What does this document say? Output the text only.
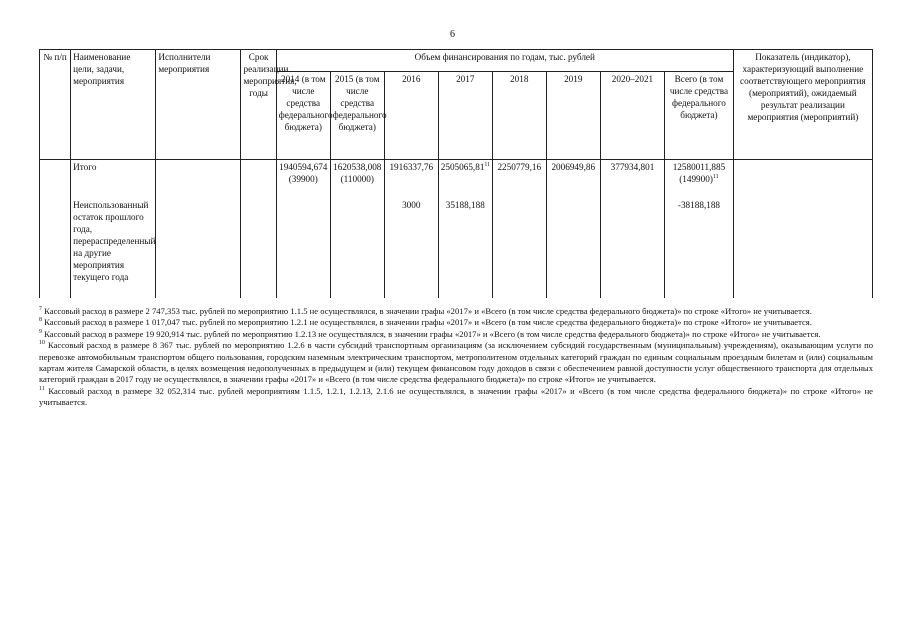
6
№ п/п	Наименование цели, задачи, мероприятия	Исполнители мероприятия	Срок реализации мероприятия, годы	Объем финансирования по годам, тыс. рублей								Показатель (индикатор), характеризующий выполнение соответствующего мероприятия (мероприятий), ожидаемый результат реализации мероприятия (мероприятий)
				2014 (в том числе средства федерального бюджета)	2015 (в том числе средства федерального бюджета)	2016	2017	2018	2019	2020–2021	Всего (в том числе средства федерального бюджета)	
	Итого			1940594,674 (39900)	1620538,008 (110000)	1916337,76	2505065,81$^{11}$	2250779,16	2006949,86	377934,801	12580011,885 $(149900)^{11}$	
	Неиспользованный остаток прошлого года, перераспределенный на другие мероприятия текущего года					3000	35188,188				-38188,188	

$^7$ Кассовый расход в размере 2 747,353 тыс. рублей по мероприятию 1.1.5 не осуществлялся, в значении графы «2017» и «Всего (в том числе средства федерального бюджета)» по строке «Итого» не учитывается.

$^8$ Кассовый расход в размере 1 017,047 тыс. рублей по мероприятию 1.2.1 не осуществлялся, в значении графы «2017» и «Всего (в том числе средства федерального бюджета)» по строке «Итого» не учитывается.

$^9$ Кассовый расход в размере 19 920,914 тыс. рублей по мероприятию 1.2.13 не осуществлялся, в значении графы «2017» и «Всего (в том числе средства федерального бюджета)» по строке «Итого» не учитывается.

$^{10}$ Кассовый расход в размере 8 367 тыс. рублей по мероприятию 1.2.6 в части субсидий транспортным организациям (за исключением субсидий государственным (муниципальным) учреждениям), оказывающим услуги по перевозке автомобильным транспортом общего пользования, городским наземным электрическим транспортом, метрополитеном отдельных категорий граждан по единым социальным проездным билетам и (или) социальным картам жителя Самарской области, в целях возмещения недополученных в предыдущем и (или) текущем финансовом году доходов в связи с обеспечением равной доступности услуг общественного транспорта для отдельных категорий граждан в 2017 году не осуществлялся, в значении графы «2017» и «Всего (в том числе средства федерального бюджета)» по строке «Итого» не учитывается.

$^{11}$ Кассовый расход в размере 32 052,314 тыс. рублей мероприятиям 1.1.5, 1.2.1, 1.2.13, 2.1.6 не осуществлялся, в значении графы «2017» и «Всего (в том числе средства федерального бюджета)» по строке «Итого» не учитывается.
